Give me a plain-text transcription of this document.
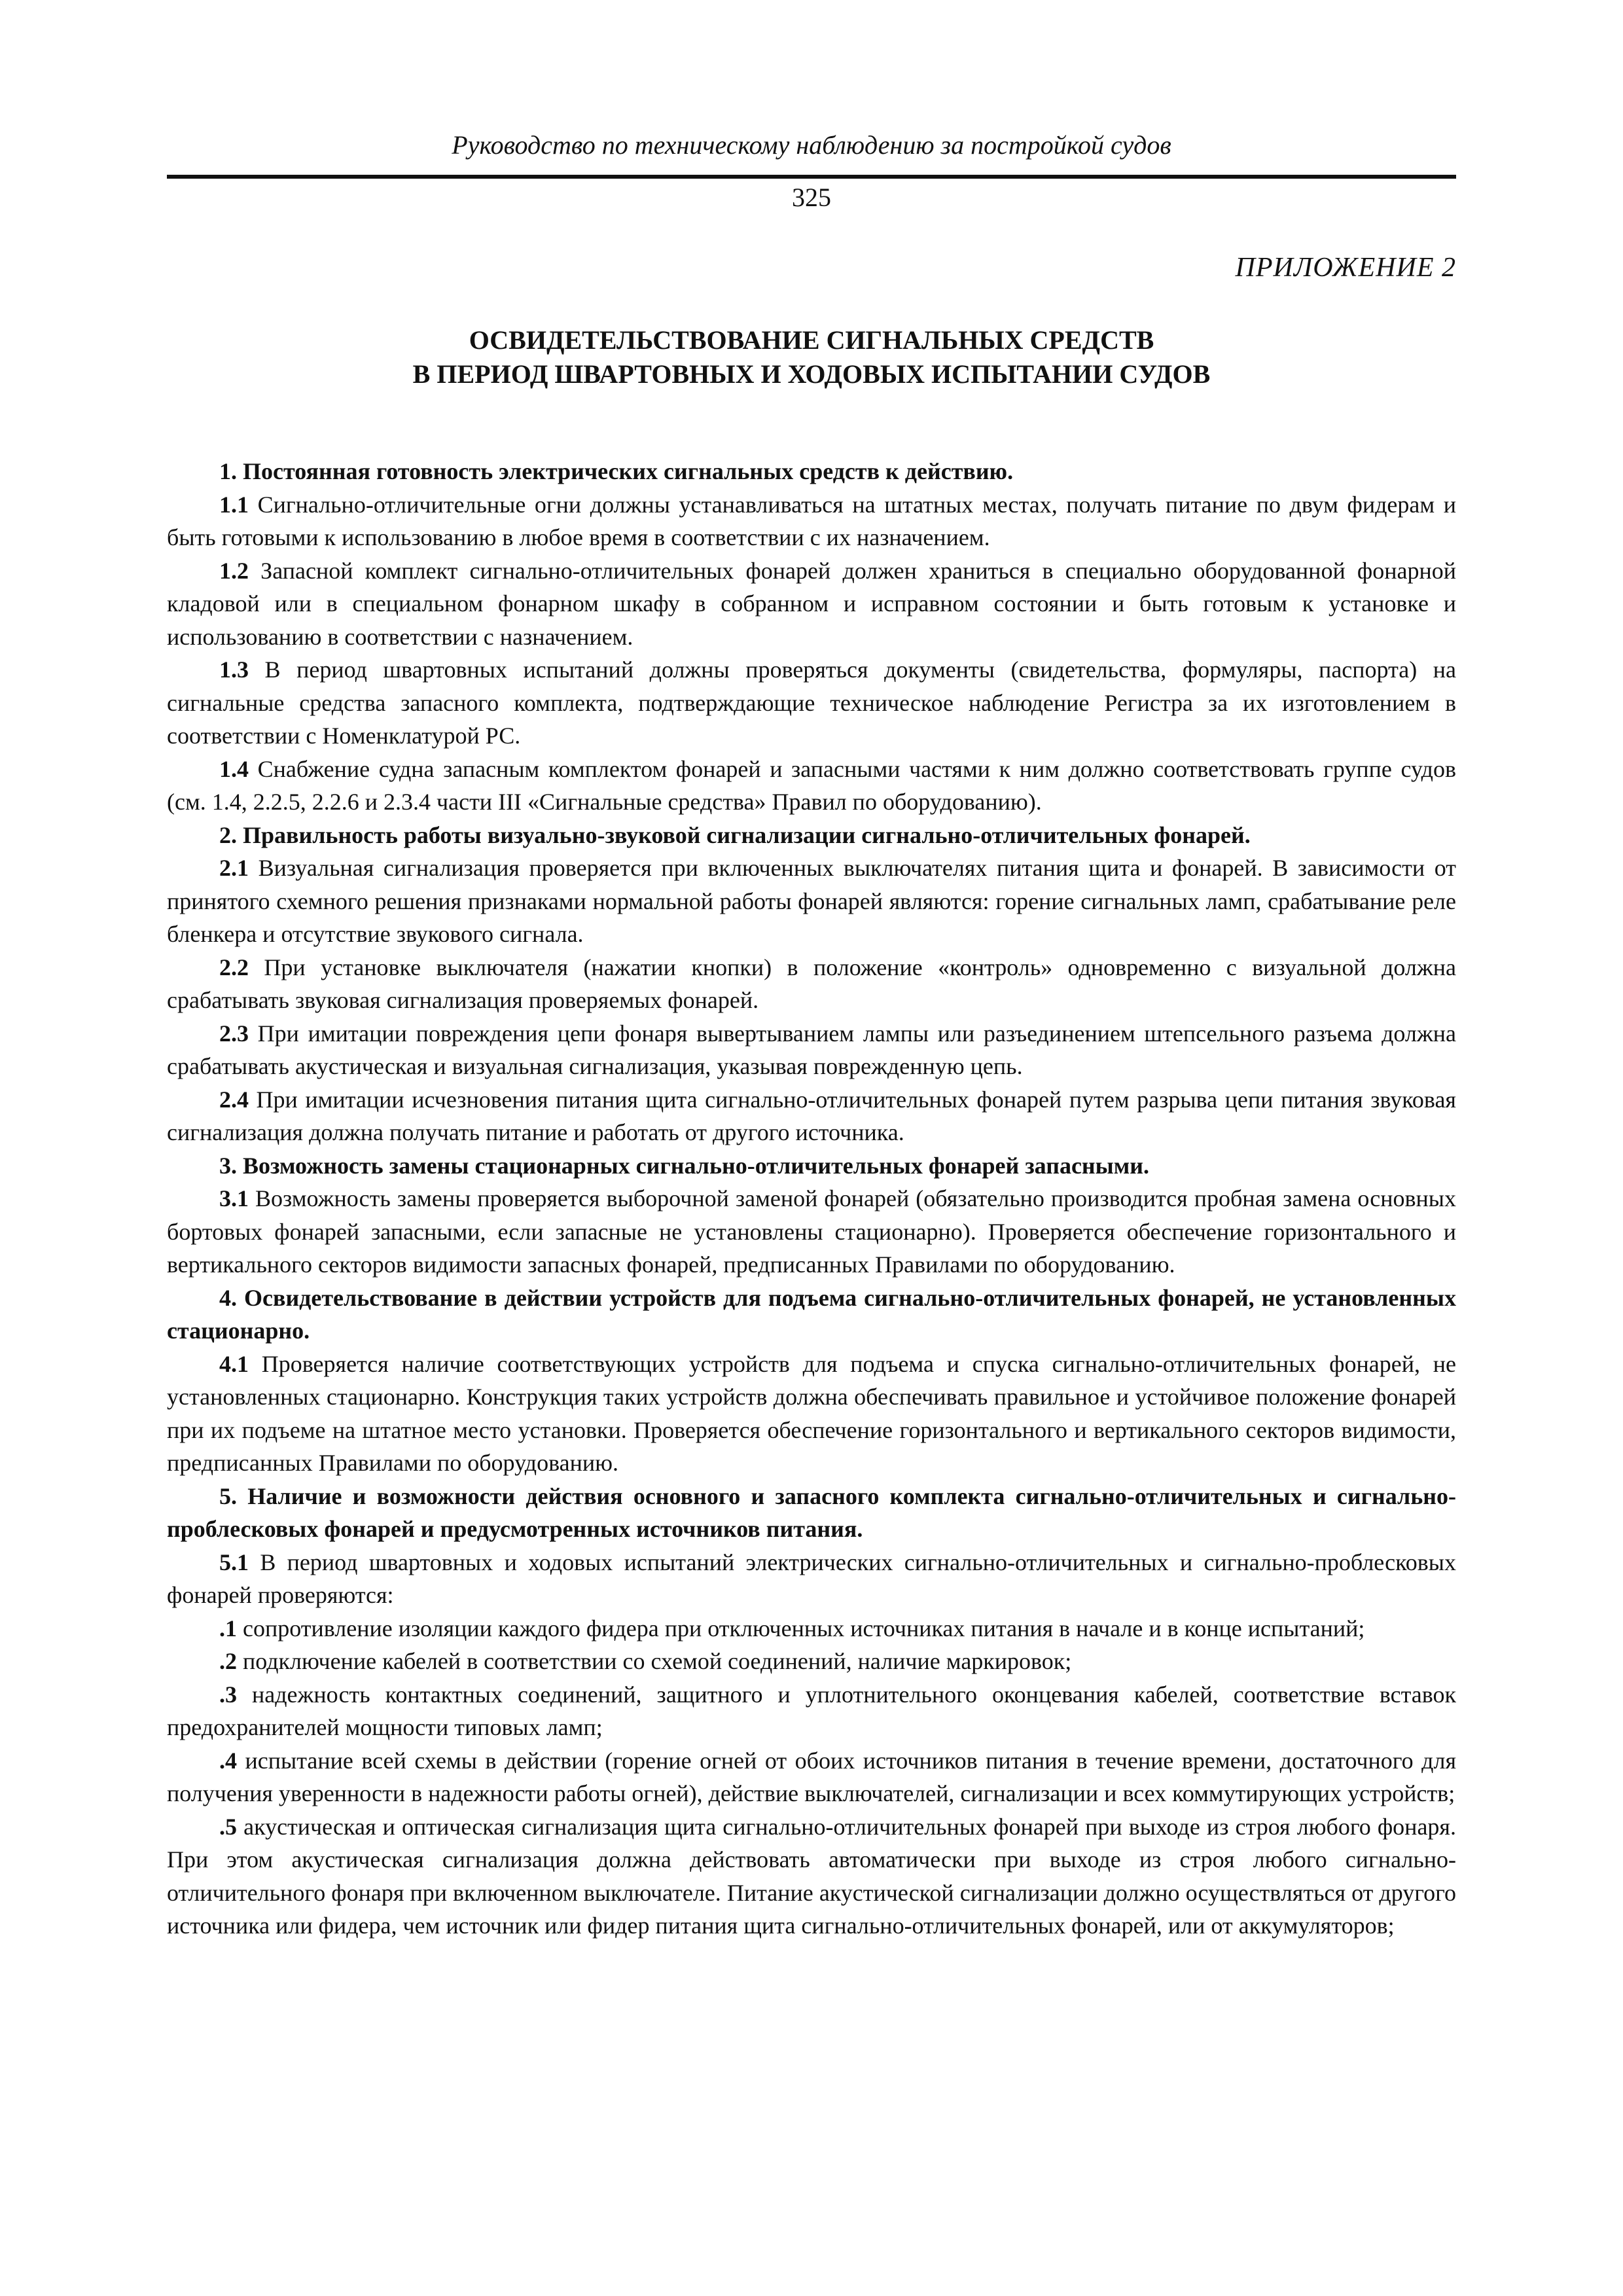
Руководство по техническому наблюдению за постройкой судов
325
ПРИЛОЖЕНИЕ 2
ОСВИДЕТЕЛЬСТВОВАНИЕ СИГНАЛЬНЫХ СРЕДСТВ
В ПЕРИОД ШВАРТОВНЫХ И ХОДОВЫХ ИСПЫТАНИИ СУДОВ

1. Постоянная готовность электрических сигнальных средств к действию.

1.1 Сигнально-отличительные огни должны устанавливаться на штатных местах, получать питание по двум фидерам и быть готовыми к использованию в любое время в соответствии с их назначением.

1.2 Запасной комплект сигнально-отличительных фонарей должен храниться в специально оборудованной фонарной кладовой или в специальном фонарном шкафу в собранном и исправном состоянии и быть готовым к установке и использованию в соответствии с назначением.

1.3 В период швартовных испытаний должны проверяться документы (свидетельства, формуляры, паспорта) на сигнальные средства запасного комплекта, подтверждающие техническое наблюдение Регистра за их изготовлением в соответствии с Номенклатурой РС.

1.4 Снабжение судна запасным комплектом фонарей и запасными частями к ним должно соответствовать группе судов (см. 1.4, 2.2.5, 2.2.6 и 2.3.4 части III «Сигнальные средства» Правил по оборудованию).

2. Правильность работы визуально-звуковой сигнализации сигнально-отличительных фонарей.

2.1 Визуальная сигнализация проверяется при включенных выключателях питания щита и фонарей. В зависимости от принятого схемного решения признаками нормальной работы фонарей являются: горение сигнальных ламп, срабатывание реле бленкера и отсутствие звукового сигнала.

2.2 При установке выключателя (нажатии кнопки) в положение «контроль» одновременно с визуальной должна срабатывать звуковая сигнализация проверяемых фонарей.

2.3 При имитации повреждения цепи фонаря вывертыванием лампы или разъединением штепсельного разъема должна срабатывать акустическая и визуальная сигнализация, указывая поврежденную цепь.

2.4 При имитации исчезновения питания щита сигнально-отличительных фонарей путем разрыва цепи питания звуковая сигнализация должна получать питание и работать от другого источника.

3. Возможность замены стационарных сигнально-отличительных фонарей запасными.

3.1 Возможность замены проверяется выборочной заменой фонарей (обязательно производится пробная замена основных бортовых фонарей запасными, если запасные не установлены стационарно). Проверяется обеспечение горизонтального и вертикального секторов видимости запасных фонарей, предписанных Правилами по оборудованию.

4. Освидетельствование в действии устройств для подъема сигнально-отличительных фонарей, не установленных стационарно.

4.1 Проверяется наличие соответствующих устройств для подъема и спуска сигнально-отличительных фонарей, не установленных стационарно. Конструкция таких устройств должна обеспечивать правильное и устойчивое положение фонарей при их подъеме на штатное место установки. Проверяется обеспечение горизонтального и вертикального секторов видимости, предписанных Правилами по оборудованию.

5. Наличие и возможности действия основного и запасного комплекта сигнально-отличительных и сигнально-проблесковых фонарей и предусмотренных источников питания.

5.1 В период швартовных и ходовых испытаний электрических сигнально-отличительных и сигнально-проблесковых фонарей проверяются:

.1 сопротивление изоляции каждого фидера при отключенных источниках питания в начале и в конце испытаний;

.2 подключение кабелей в соответствии со схемой соединений, наличие маркировок;

.3 надежность контактных соединений, защитного и уплотнительного оконцевания кабелей, соответствие вставок предохранителей мощности типовых ламп;

.4 испытание всей схемы в действии (горение огней от обоих источников питания в течение времени, достаточного для получения уверенности в надежности работы огней), действие выключателей, сигнализации и всех коммутирующих устройств;

.5 акустическая и оптическая сигнализация щита сигнально-отличительных фонарей при выходе из строя любого фонаря. При этом акустическая сигнализация должна действовать автоматически при выходе из строя любого сигнально-отличительного фонаря при включенном выключателе. Питание акустической сигнализации должно осуществляться от другого источника или фидера, чем источник или фидер питания щита сигнально-отличительных фонарей, или от аккумуляторов;
